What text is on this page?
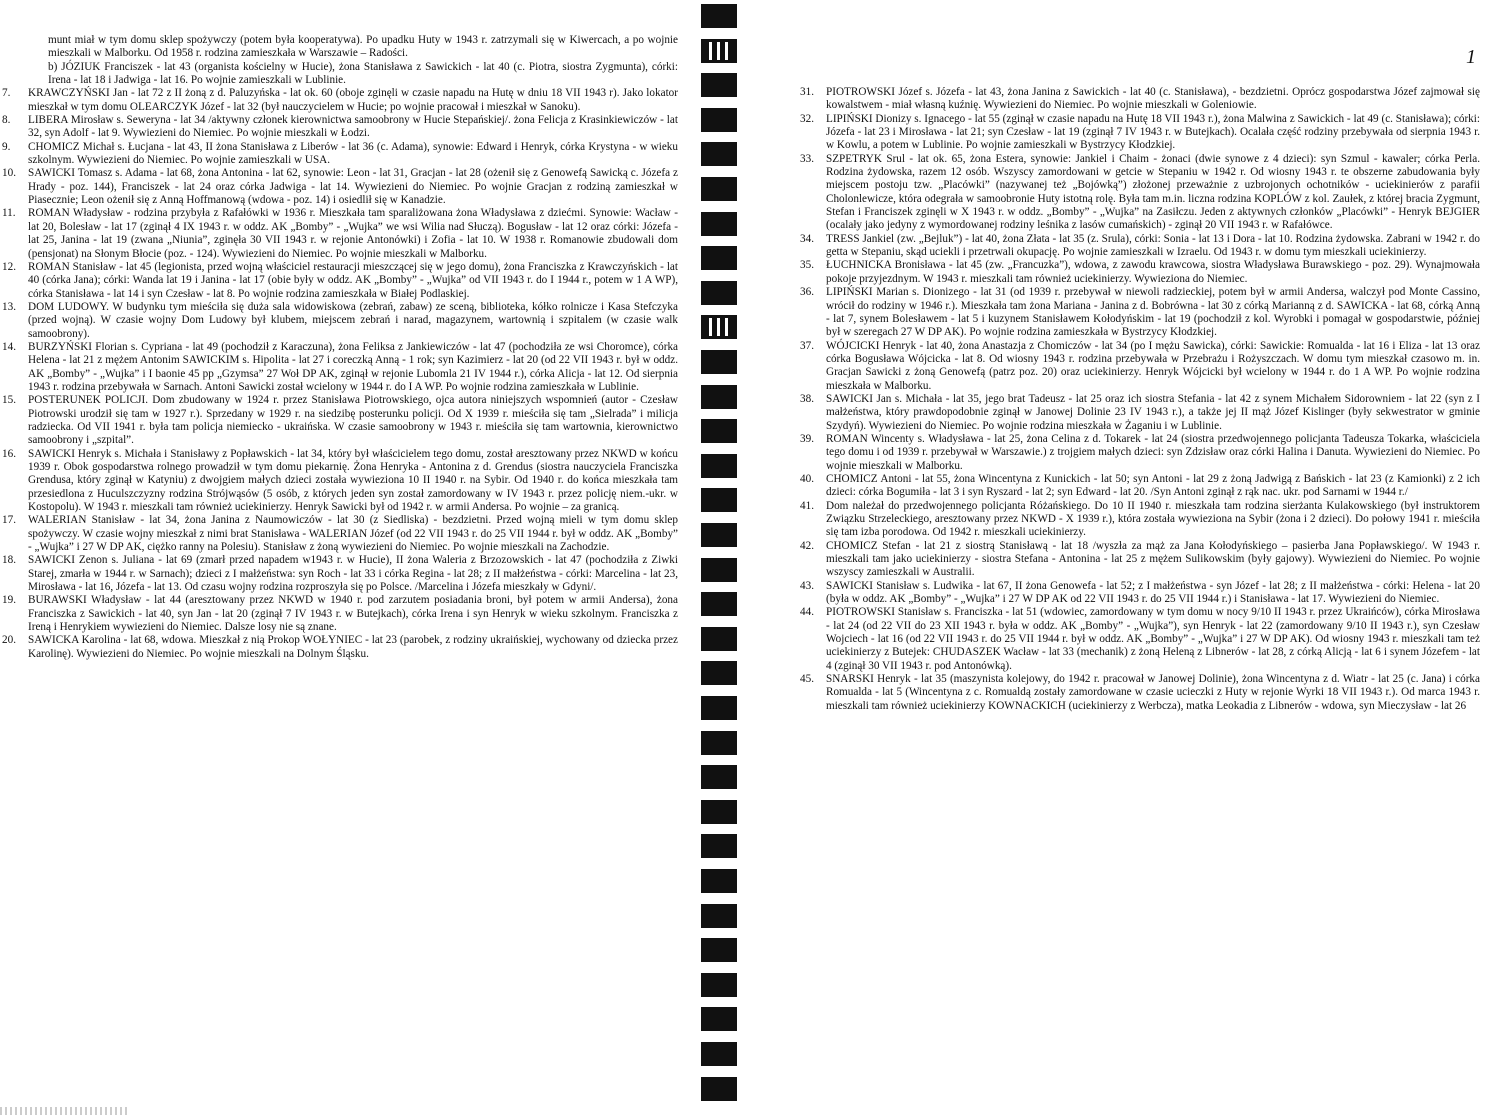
munt miał w tym domu sklep spożywczy (potem była kooperatywa). Po upadku Huty w 1943 r. zatrzymali się w Kiwercach, a po wojnie mieszkali w Malborku. Od 1958 r. rodzina zamieszkała w Warszawie – Radości.
b) JÓZIUK Franciszek - lat 43 (organista kościelny w Hucie), żona Stanisława z Sawickich - lat 40 (c. Piotra, siostra Zygmunta), córki: Irena - lat 18 i Jadwiga - lat 16. Po wojnie zamieszkali w Lublinie.
7.	KRAWCZYŃSKI Jan - lat 72 z II żoną z d. Paluzyńska - lat ok. 60 (oboje zginęli w czasie napadu na Hutę w dniu 18 VII 1943 r). Jako lokator mieszkał w tym domu OLEARCZYK Józef - lat 32 (był nauczycielem w Hucie; po wojnie pracował i mieszkał w Sanoku).
8.	LIBERA Mirosław s. Seweryna - lat 34 /aktywny członek kierownictwa samoobrony w Hucie Stepańskiej/. żona Felicja z Krasinkiewiczów - lat 32, syn Adolf - lat 9. Wywiezieni do Niemiec. Po wojnie mieszkali w Łodzi.
9.	CHOMICZ Michał s. Łucjana - lat 43, II żona Stanisława z Liberów - lat 36 (c. Adama), synowie: Edward i Henryk, córka Krystyna - w wieku szkolnym. Wywiezieni do Niemiec. Po wojnie zamieszkali w USA.
10.	SAWICKI Tomasz s. Adama - lat 68, żona Antonina - lat 62, synowie: Leon - lat 31, Gracjan - lat 28 (ożenił się z Genowefą Sawicką c. Józefa z Hrady - poz. 144), Franciszek - lat 24 oraz córka Jadwiga - lat 14. Wywiezieni do Niemiec. Po wojnie Gracjan z rodziną zamieszkał w Piasecznie; Leon ożenił się z Anną Hoffmanową (wdowa - poz. 14) i osiedlił się w Kanadzie.
11.	ROMAN Władysław - rodzina przybyła z Rafałówki w 1936 r. Mieszkała tam sparaliżowana żona Władysława z dziećmi. Synowie: Wacław - lat 20, Bolesław - lat 17 (zginął 4 IX 1943 r. w oddz. AK „Bomby” - „Wujka” we wsi Wilia nad Słuczą). Bogusław - lat 12 oraz córki: Józefa - lat 25, Janina - lat 19 (zwana „Niunia”, zginęła 30 VII 1943 r. w rejonie Antonówki) i Zofia - lat 10. W 1938 r. Romanowie zbudowali dom (pensjonat) na Słonym Błocie (poz. - 124). Wywiezieni do Niemiec. Po wojnie mieszkali w Malborku.
12.	ROMAN Stanisław - lat 45 (legionista, przed wojną właściciel restauracji mieszczącej się w jego domu), żona Franciszka z Krawczyńskich - lat 40 (córka Jana); córki: Wanda lat 19 i Janina - lat 17 (obie były w oddz. AK „Bomby” - „Wujka” od VII 1943 r. do I 1944 r., potem w 1 A WP), córka Stanisława - lat 14 i syn Czesław - lat 8. Po wojnie rodzina zamieszkała w Białej Podlaskiej.
13.	DOM LUDOWY. W budynku tym mieściła się duża sala widowiskowa (zebrań, zabaw) ze sceną, biblioteka, kółko rolnicze i Kasa Stefczyka (przed wojną). W czasie wojny Dom Ludowy był klubem, miejscem zebrań i narad, magazynem, wartownią i szpitalem (w czasie walk samoobrony).
14.	BURZYŃSKI Florian s. Cypriana - lat 49 (pochodził z Karaczuna), żona Feliksa z Jankiewiczów - lat 47 (pochodziła ze wsi Choromce), córka Helena - lat 21 z mężem Antonim SAWICKIM s. Hipolita - lat 27 i coreczką Anną - 1 rok; syn Kazimierz - lat 20 (od 22 VII 1943 r. był w oddz. AK „Bomby” - „Wujka” i I baonie 45 pp „Gzymsa” 27 Woł DP AK, zginął w rejonie Lubomla 21 IV 1944 r.), córka Alicja - lat 12. Od sierpnia 1943 r. rodzina przebywała w Sarnach. Antoni Sawicki został wcielony w 1944 r. do I A WP. Po wojnie rodzina zamieszkała w Lublinie.
15.	POSTERUNEK POLICJI. Dom zbudowany w 1924 r. przez Stanisława Piotrowskiego, ojca autora niniejszych wspomnień (autor - Czesław Piotrowski urodził się tam w 1927 r.). Sprzedany w 1929 r. na siedzibę posterunku policji. Od X 1939 r. mieściła się tam „Sielrada” i milicja radziecka. Od VII 1941 r. była tam policja niemiecko - ukraińska. W czasie samoobrony w 1943 r. mieściła się tam wartownia, kierownictwo samoobrony i „szpital”.
16.	SAWICKI Henryk s. Michała i Stanisławy z Popławskich - lat 34, który był właścicielem tego domu, został aresztowany przez NKWD w końcu 1939 r. Obok gospodarstwa rolnego prowadził w tym domu piekarnię. Żona Henryka - Antonina z d. Grendus (siostra nauczyciela Franciszka Grendusa, który zginął w Katyniu) z dwojgiem małych dzieci została wywieziona 10 II 1940 r. na Sybir. Od 1940 r. do końca mieszkała tam przesiedlona z Huculszczyzny rodzina Strójwąsów (5 osób, z których jeden syn został zamordowany w IV 1943 r. przez policję niem.-ukr. w Kostopolu). W 1943 r. mieszkali tam również uciekinierzy. Henryk Sawicki był od 1942 r. w armii Andersa. Po wojnie – za granicą.
17.	WALERIAN Stanisław - lat 34, żona Janina z Naumowiczów - lat 30 (z Siedliska) - bezdzietni. Przed wojną mieli w tym domu sklep spożywczy. W czasie wojny mieszkał z nimi brat Stanisława - WALERIAN Józef (od 22 VII 1943 r. do 25 VII 1944 r. był w oddz. AK „Bomby” - „Wujka” i 27 W DP AK, ciężko ranny na Polesiu). Stanisław z żoną wywiezieni do Niemiec. Po wojnie mieszkali na Zachodzie.
18.	SAWICKI Zenon s. Juliana - lat 69 (zmarł przed napadem w1943 r. w Hucie), II żona Waleria z Brzozowskich - lat 47 (pochodziła z Ziwki Starej, zmarła w 1944 r. w Sarnach); dzieci z I małżeństwa: syn Roch - lat 33 i córka Regina - lat 28; z II małżeństwa - córki: Marcelina - lat 23, Mirosława - lat 16, Józefa - lat 13. Od czasu wojny rodzina rozproszyła się po Polsce. /Marcelina i Józefa mieszkały w Gdyni/.
19.	BURAWSKI Władysław - lat 44 (aresztowany przez NKWD w 1940 r. pod zarzutem posiadania broni, był potem w armii Andersa), żona Franciszka z Sawickich - lat 40, syn Jan - lat 20 (zginął 7 IV 1943 r. w Butejkach), córka Irena i syn Henryk w wieku szkolnym. Franciszka z Ireną i Henrykiem wywiezieni do Niemiec. Dalsze losy nie są znane.
20.	SAWICKA Karolina - lat 68, wdowa. Mieszkał z nią Prokop WOŁYNIEC - lat 23 (parobek, z rodziny ukraińskiej, wychowany od dziecka przez Karolinę). Wywiezieni do Niemiec. Po wojnie mieszkali na Dolnym Śląsku.
1
31.	PIOTROWSKI Józef s. Józefa - lat 43, żona Janina z Sawickich - lat 40 (c. Stanisława), - bezdzietni. Oprócz gospodarstwa Józef zajmował się kowalstwem - miał własną kuźnię. Wywiezieni do Niemiec. Po wojnie mieszkali w Goleniowie.
32.	LIPIŃSKI Dionizy s. Ignacego - lat 55 (zginął w czasie napadu na Hutę 18 VII 1943 r.), żona Malwina z Sawickich - lat 49 (c. Stanisława); córki: Józefa - lat 23 i Mirosława - lat 21; syn Czesław - lat 19 (zginął 7 IV 1943 r. w Butejkach). Ocalała część rodziny przebywała od sierpnia 1943 r. w Kowlu, a potem w Lublinie. Po wojnie zamieszkali w Bystrzycy Kłodzkiej.
33.	SZPETRYK Srul - lat ok. 65, żona Estera, synowie: Jankiel i Chaim - żonaci (dwie synowe z 4 dzieci): syn Szmul - kawaler; córka Perla. Rodzina żydowska, razem 12 osób. Wszyscy zamordowani w getcie w Stepaniu w 1942 r. Od wiosny 1943 r. te obszerne zabudowania były miejscem postoju tzw. „Placówki” (nazywanej też „Bojówką”) złożonej przeważnie z uzbrojonych ochotników - uciekinierów z parafii Cholonlewicze, która odegrała w samoobronie Huty istotną rolę. Była tam m.in. liczna rodzina KOPLÓW z kol. Zaułek, z której bracia Zygmunt, Stefan i Franciszek zginęli w X 1943 r. w oddz. „Bomby” - „Wujka” na Zasiłczu. Jeden z aktywnych członków „Placówki” - Henryk BEJGIER (ocalały jako jedyny z wymordowanej rodziny leśnika z lasów cumańskich) - zginął 20 VII 1943 r. w Rafałówce.
34.	TRESS Jankiel (zw. „Bejluk”) - lat 40, żona Złata - lat 35 (z. Srula), córki: Sonia - lat 13 i Dora - lat 10. Rodzina żydowska. Zabrani w 1942 r. do getta w Stepaniu, skąd uciekli i przetrwali okupację. Po wojnie zamieszkali w Izraelu. Od 1943 r. w domu tym mieszkali uciekinierzy.
35.	ŁUCHNICKA Bronisława - lat 45 (zw. „Francuzka”), wdowa, z zawodu krawcowa, siostra Władysława Burawskiego - poz. 29). Wynajmowała pokoje przyjezdnym. W 1943 r. mieszkali tam również uciekinierzy. Wywieziona do Niemiec.
36.	LIPIŃSKI Marian s. Dionizego - lat 31 (od 1939 r. przebywał w niewoli radzieckiej, potem był w armii Andersa, walczył pod Monte Cassino, wrócił do rodziny w 1946 r.). Mieszkała tam żona Mariana - Janina z d. Bobrówna - lat 30 z córką Marianną z d. SAWICKA - lat 68, córką Anną - lat 7, synem Bolesławem - lat 5 i kuzynem Stanisławem Kołodyńskim - lat 19 (pochodził z kol. Wyrobki i pomagał w gospodarstwie, później był w szeregach 27 W DP AK). Po wojnie rodzina zamieszkała w Bystrzycy Kłodzkiej.
37.	WÓJCICKI Henryk - lat 40, żona Anastazja z Chomiczów - lat 34 (po I mężu Sawicka), córki: Sawickie: Romualda - lat 16 i Eliza - lat 13 oraz córka Bogusława Wójcicka - lat 8. Od wiosny 1943 r. rodzina przebywała w Przebrażu i Rożyszczach. W domu tym mieszkał czasowo m. in. Gracjan Sawicki z żoną Genowefą (patrz poz. 20) oraz uciekinierzy. Henryk Wójcicki był wcielony w 1944 r. do 1 A WP. Po wojnie rodzina mieszkała w Malborku.
38.	SAWICKI Jan s. Michała - lat 35, jego brat Tadeusz - lat 25 oraz ich siostra Stefania - lat 42 z synem Michałem Sidorowniem - lat 22 (syn z I małżeństwa, który prawdopodobnie zginął w Janowej Dolinie 23 IV 1943 r.), a także jej II mąż Józef Kislinger (były sekwestrator w gminie Szydyń). Wywiezieni do Niemiec. Po wojnie rodzina mieszkała w Żaganiu i w Lublinie.
39.	ROMAN Wincenty s. Władysława - lat 25, żona Celina z d. Tokarek - lat 24 (siostra przedwojennego policjanta Tadeusza Tokarka, właściciela tego domu i od 1939 r. przebywał w Warszawie.) z trojgiem małych dzieci: syn Zdzisław oraz córki Halina i Danuta. Wywiezieni do Niemiec. Po wojnie mieszkali w Malborku.
40.	CHOMICZ Antoni - lat 55, żona Wincentyna z Kunickich - lat 50; syn Antoni - lat 29 z żoną Jadwigą z Bańskich - lat 23 (z Kamionki) z 2 ich dzieci: córka Bogumiła - lat 3 i syn Ryszard - lat 2; syn Edward - lat 20. /Syn Antoni zginął z rąk nac. ukr. pod Sarnami w 1944 r./
41.	Dom należał do przedwojennego policjanta Różańskiego. Do 10 II 1940 r. mieszkała tam rodzina sierżanta Kulakowskiego (był instruktorem Związku Strzeleckiego, aresztowany przez NKWD - X 1939 r.), która została wywieziona na Sybir (żona i 2 dzieci). Do połowy 1941 r. mieściła się tam izba porodowa. Od 1942 r. mieszkali uciekinierzy.
42.	CHOMICZ Stefan - lat 21 z siostrą Stanisławą - lat 18 /wyszła za mąż za Jana Kołodyńskiego – pasierba Jana Popławskiego/. W 1943 r. mieszkali tam jako uciekinierzy - siostra Stefana - Antonina - lat 25 z mężem Sulikowskim (były gajowy). Wywiezieni do Niemiec. Po wojnie wszyscy zamieszkali w Australii.
43.	SAWICKI Stanisław s. Ludwika - lat 67, II żona Genowefa - lat 52; z I małżeństwa - syn Józef - lat 28; z II małżeństwa - córki: Helena - lat 20 (była w oddz. AK „Bomby” - „Wujka” i 27 W DP AK od 22 VII 1943 r. do 25 VII 1944 r.) i Stanisława - lat 17. Wywiezieni do Niemiec.
44.	PIOTROWSKI Stanisław s. Franciszka - lat 51 (wdowiec, zamordowany w tym domu w nocy 9/10 II 1943 r. przez Ukraińców), córka Mirosława - lat 24 (od 22 VII do 23 XII 1943 r. była w oddz. AK „Bomby” - „Wujka”), syn Henryk - lat 22 (zamordowany 9/10 II 1943 r.), syn Czesław Wojciech - lat 16 (od 22 VII 1943 r. do 25 VII 1944 r. był w oddz. AK „Bomby” - „Wujka” i 27 W DP AK). Od wiosny 1943 r. mieszkali tam też uciekinierzy z Butejek: CHUDASZEK Wacław - lat 33 (mechanik) z żoną Heleną z Libnerów - lat 28, z córką Alicją - lat 6 i synem Józefem - lat 4 (zginął 30 VII 1943 r. pod Antonówką).
45.	SNARSKI Henryk - lat 35 (maszynista kolejowy, do 1942 r. pracował w Janowej Dolinie), żona Wincentyna z d. Wiatr - lat 25 (c. Jana) i córka Romualda - lat 5 (Wincentyna z c. Romualdą zostały zamordowane w czasie ucieczki z Huty w rejonie Wyrki 18 VII 1943 r.). Od marca 1943 r. mieszkali tam również uciekinierzy KOWNACKICH (uciekinierzy z Werbcza), matka Leokadia z Libnerów - wdowa, syn Mieczysław - lat 26
